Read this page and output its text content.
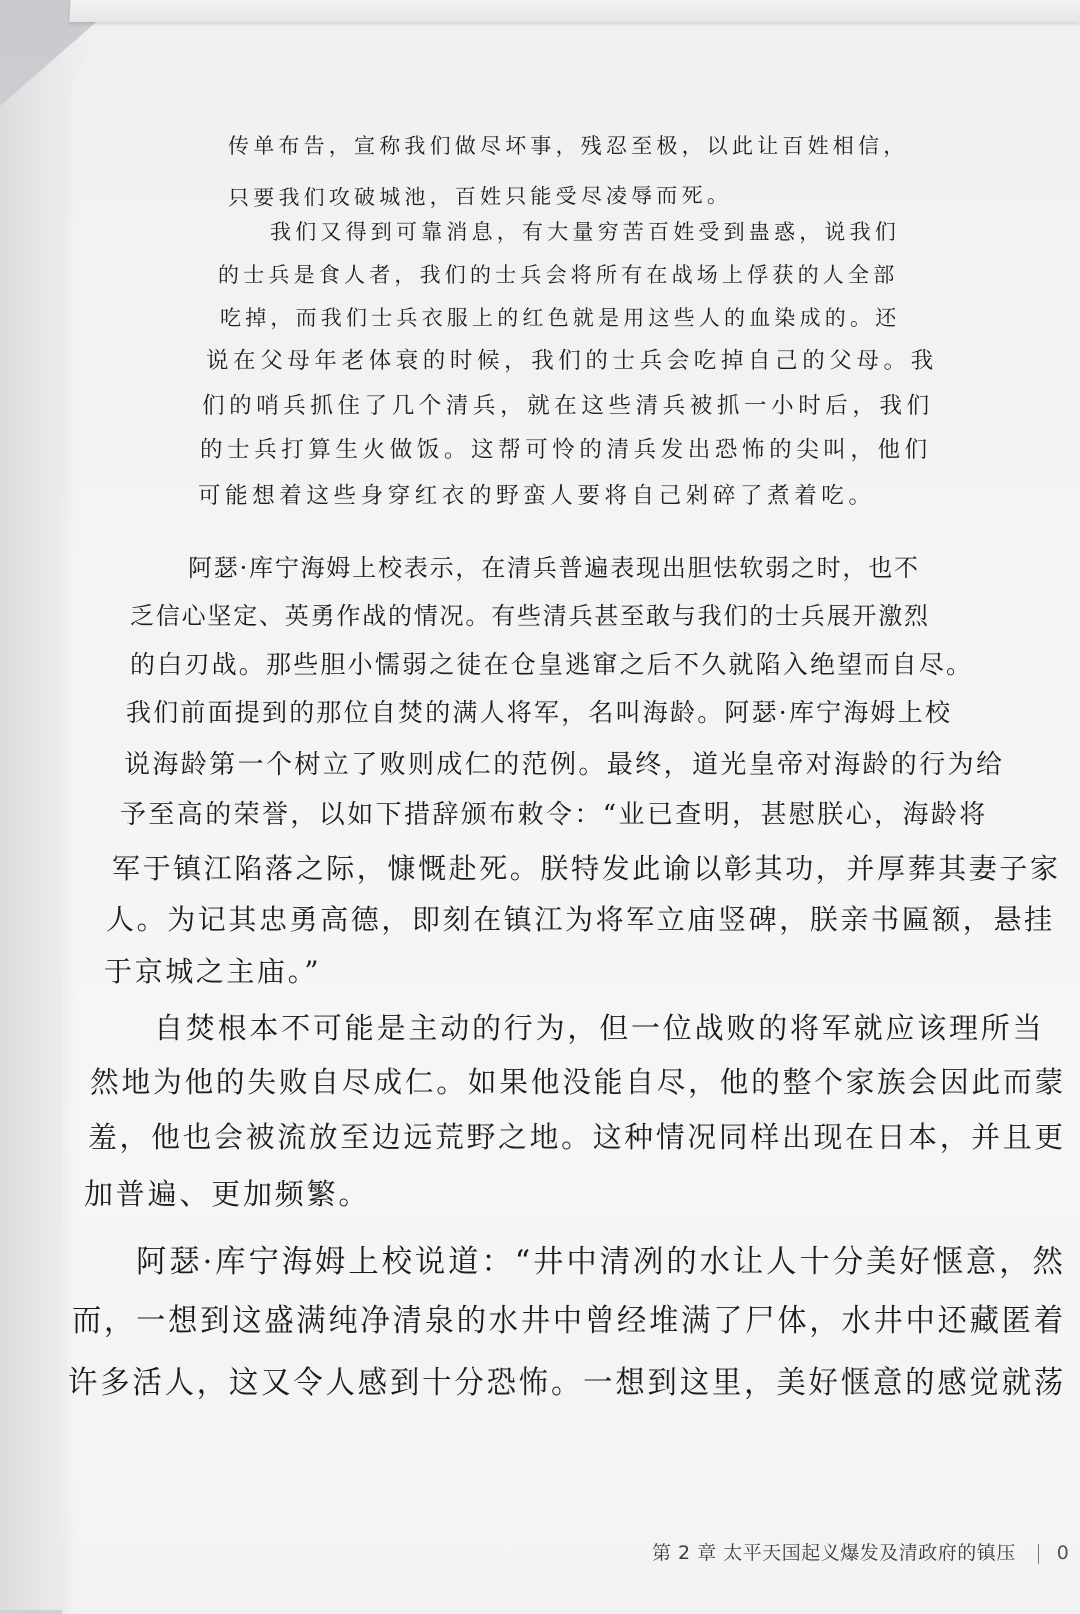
传单布告，宣称我们做尽坏事，残忍至极，以此让百姓相信，
只要我们攻破城池，百姓只能受尽凌辱而死。
我们又得到可靠消息，有大量穷苦百姓受到蛊惑，说我们
的士兵是食人者，我们的士兵会将所有在战场上俘获的人全部
吃掉，而我们士兵衣服上的红色就是用这些人的血染成的。还
说在父母年老体衰的时候，我们的士兵会吃掉自己的父母。我
们的哨兵抓住了几个清兵，就在这些清兵被抓一小时后，我们
的士兵打算生火做饭。这帮可怜的清兵发出恐怖的尖叫，他们
可能想着这些身穿红衣的野蛮人要将自己剁碎了煮着吃。
阿瑟·库宁海姆上校表示，在清兵普遍表现出胆怯软弱之时，也不
乏信心坚定、英勇作战的情况。有些清兵甚至敢与我们的士兵展开激烈
的白刃战。那些胆小懦弱之徒在仓皇逃窜之后不久就陷入绝望而自尽。
我们前面提到的那位自焚的满人将军，名叫海龄。阿瑟·库宁海姆上校
说海龄第一个树立了败则成仁的范例。最终，道光皇帝对海龄的行为给
予至高的荣誉，以如下措辞颁布敕令：“业已查明，甚慰朕心，海龄将
军于镇江陷落之际，慷慨赴死。朕特发此谕以彰其功，并厚葬其妻子家
人。为记其忠勇高德，即刻在镇江为将军立庙竖碑，朕亲书匾额，悬挂
于京城之主庙。”
自焚根本不可能是主动的行为，但一位战败的将军就应该理所当
然地为他的失败自尽成仁。如果他没能自尽，他的整个家族会因此而蒙
羞，他也会被流放至边远荒野之地。这种情况同样出现在日本，并且更
加普遍、更加频繁。
阿瑟·库宁海姆上校说道：“井中清冽的水让人十分美好惬意，然
而，一想到这盛满纯净清泉的水井中曾经堆满了尸体，水井中还藏匿着
许多活人，这又令人感到十分恐怖。一想到这里，美好惬意的感觉就荡
第 2 章 太平天国起义爆发及清政府的镇压 0
